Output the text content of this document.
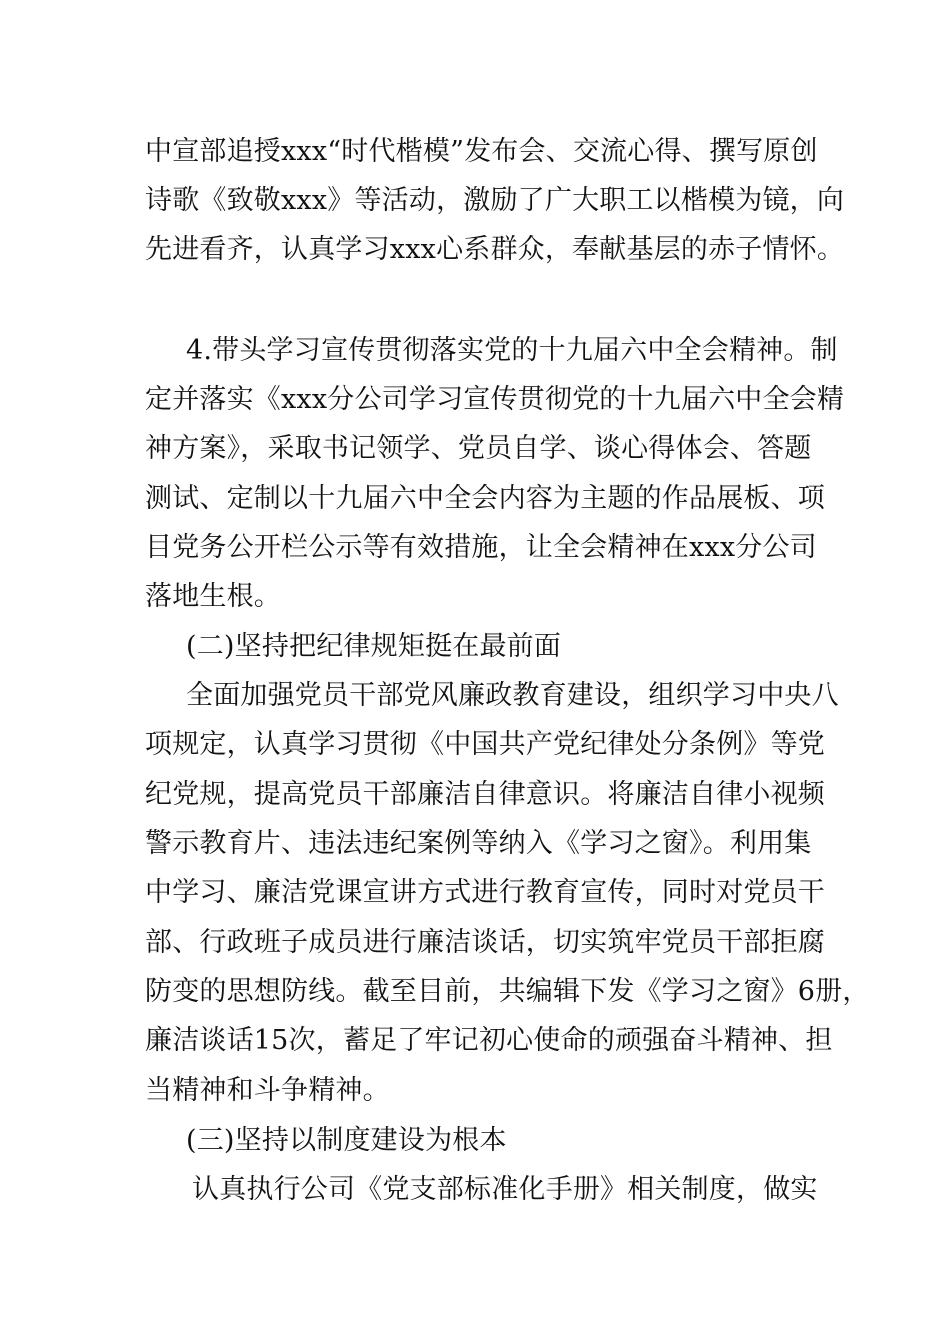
中宣部追授xxx“时代楷模”发布会、交流心得、撰写原创
诗歌《致敬xxx》等活动，激励了广大职工以楷模为镜，向
先进看齐，认真学习xxx心系群众，奉献基层的赤子情怀。
4.带头学习宣传贯彻落实党的十九届六中全会精神。制
定并落实《xxx分公司学习宣传贯彻党的十九届六中全会精
神方案》，采取书记领学、党员自学、谈心得体会、答题
测试、定制以十九届六中全会内容为主题的作品展板、项
目党务公开栏公示等有效措施，让全会精神在xxx分公司
落地生根。
(二)坚持把纪律规矩挺在最前面
全面加强党员干部党风廉政教育建设，组织学习中央八
项规定，认真学习贯彻《中国共产党纪律处分条例》等党
纪党规，提高党员干部廉洁自律意识。将廉洁自律小视频
警示教育片、违法违纪案例等纳入《学习之窗》。利用集
中学习、廉洁党课宣讲方式进行教育宣传，同时对党员干
部、行政班子成员进行廉洁谈话，切实筑牢党员干部拒腐
防变的思想防线。截至目前，共编辑下发《学习之窗》6册，
廉洁谈话15次，蓄足了牢记初心使命的顽强奋斗精神、担
当精神和斗争精神。
(三)坚持以制度建设为根本
认真执行公司《党支部标准化手册》相关制度，做实
